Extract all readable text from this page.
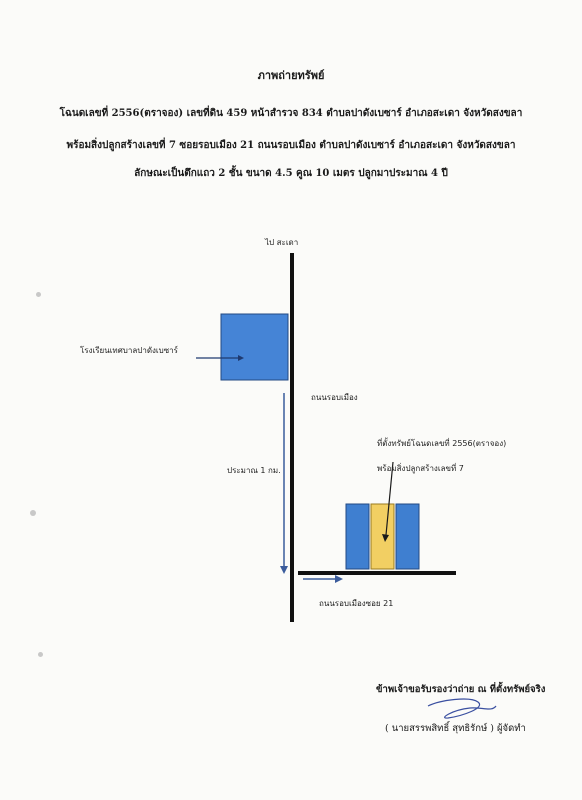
ภาพถ่ายทรัพย์
โฉนดเลขที่ 2556(ตราจอง) เลขที่ดิน 459 หน้าสำรวจ 834 ตำบลปาดังเบซาร์ อำเภอสะเดา จังหวัดสงขลา
พร้อมสิ่งปลูกสร้างเลขที่ 7 ซอยรอบเมือง 21 ถนนรอบเมือง ตำบลปาดังเบซาร์ อำเภอสะเดา จังหวัดสงขลา
ลักษณะเป็นตึกแถว 2 ชั้น ขนาด 4.5 คูณ 10 เมตร ปลูกมาประมาณ 4 ปี
ไป สะเดา
โรงเรียนเทศบาลปาดังเบซาร์
ถนนรอบเมือง
ที่ตั้งทรัพย์โฉนดเลขที่ 2556(ตราจอง)
พร้อมสิ่งปลูกสร้างเลขที่ 7
ประมาณ 1 กม.
ถนนรอบเมืองซอย 21
ข้าพเจ้าขอรับรองว่าถ่าย ณ ที่ตั้งทรัพย์จริง
( นายสรรพสิทธิ์ สุทธิรักษ์ ) ผู้จัดทำ
